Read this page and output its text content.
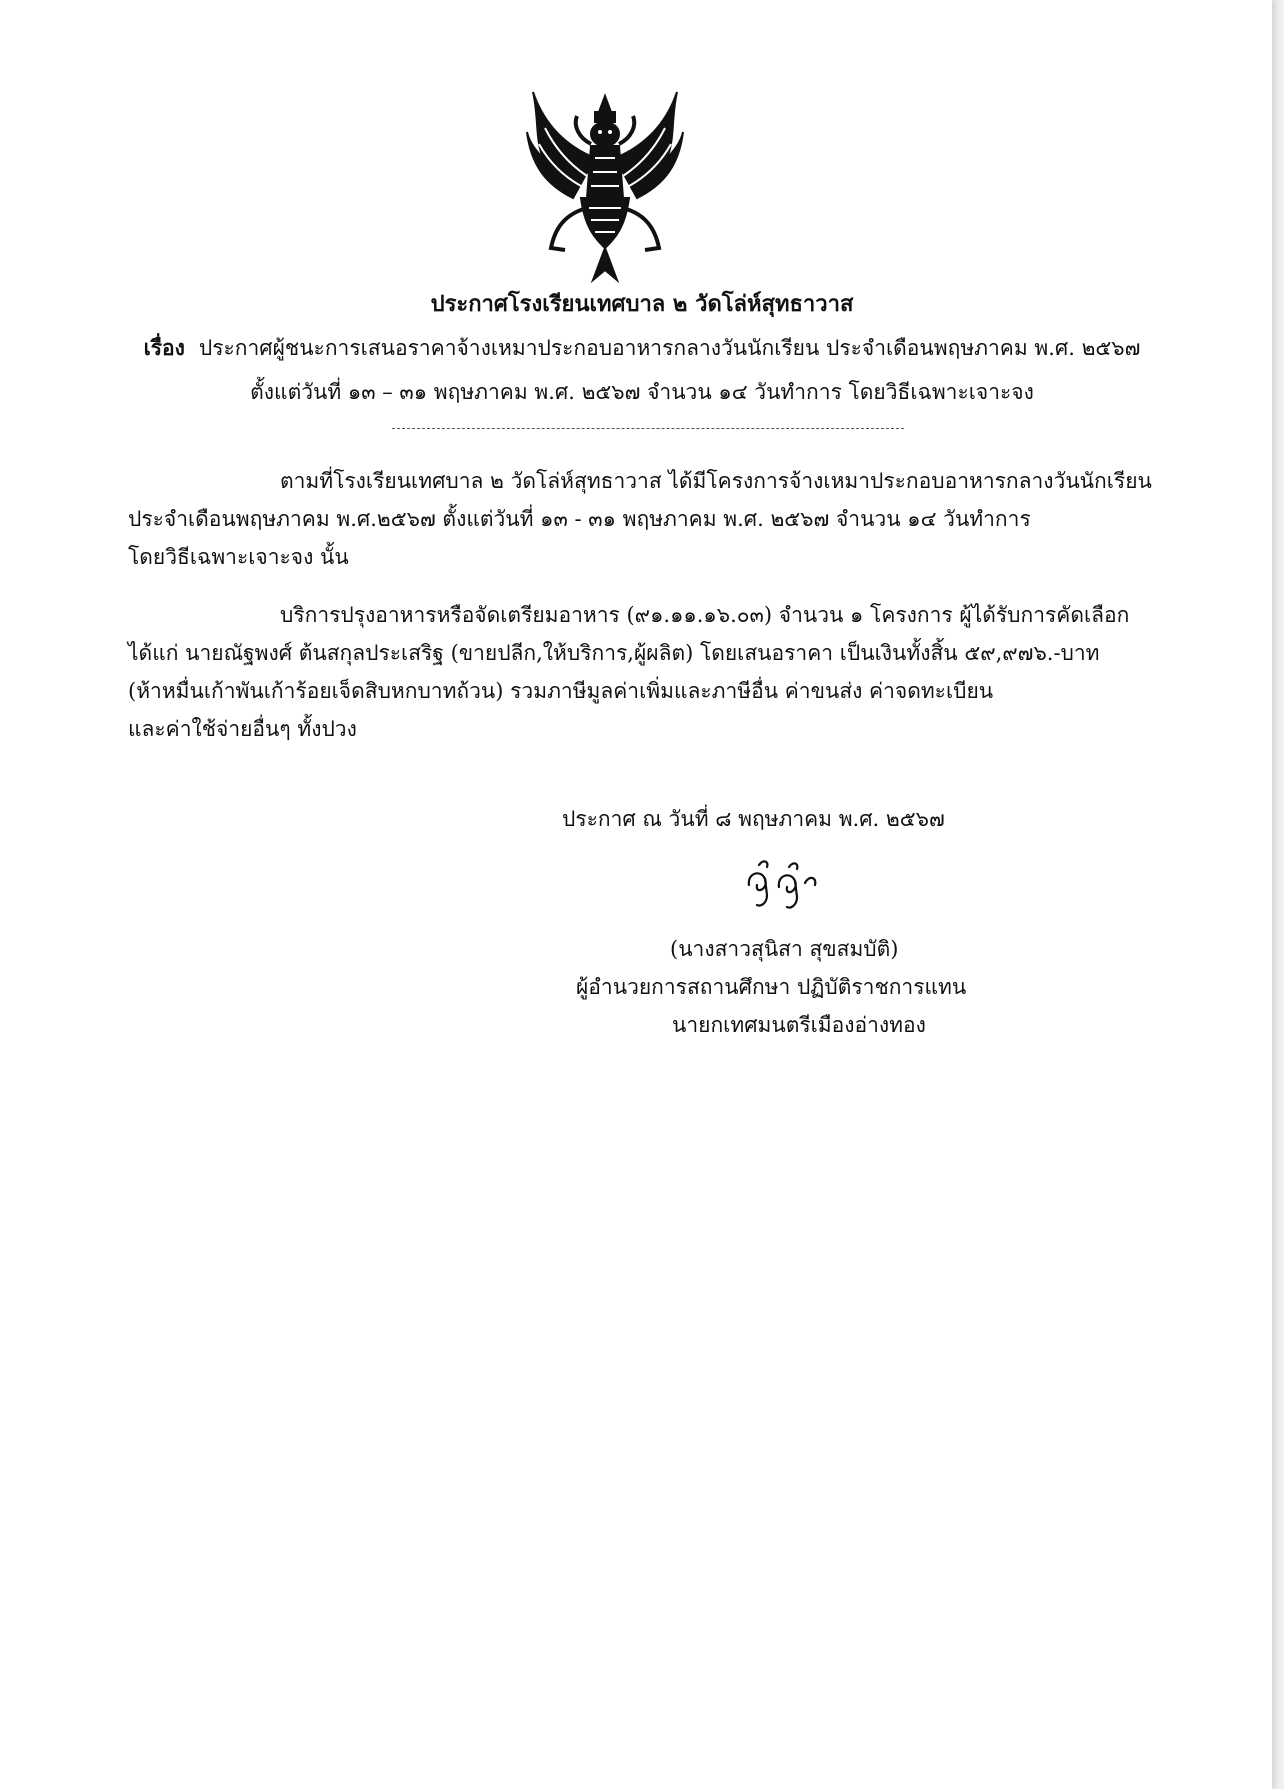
ประกาศโรงเรียนเทศบาล ๒ วัดโล่ห์สุทธาวาส
เรื่อง ประกาศผู้ชนะการเสนอราคาจ้างเหมาประกอบอาหารกลางวันนักเรียน ประจำเดือนพฤษภาคม พ.ศ. ๒๕๖๗
ตั้งแต่วันที่ ๑๓ – ๓๑ พฤษภาคม พ.ศ. ๒๕๖๗ จำนวน ๑๔ วันทำการ โดยวิธีเฉพาะเจาะจง
ตามที่โรงเรียนเทศบาล ๒ วัดโล่ห์สุทธาวาส ได้มีโครงการจ้างเหมาประกอบอาหารกลางวันนักเรียน
ประจำเดือนพฤษภาคม พ.ศ.๒๕๖๗ ตั้งแต่วันที่ ๑๓ - ๓๑ พฤษภาคม พ.ศ. ๒๕๖๗ จำนวน ๑๔ วันทำการ
โดยวิธีเฉพาะเจาะจง นั้น
บริการปรุงอาหารหรือจัดเตรียมอาหาร (๙๑.๑๑.๑๖.๐๓) จำนวน ๑ โครงการ ผู้ได้รับการคัดเลือก
ได้แก่ นายณัฐพงศ์ ต้นสกุลประเสริฐ (ขายปลีก,ให้บริการ,ผู้ผลิต) โดยเสนอราคา เป็นเงินทั้งสิ้น ๕๙,๙๗๖.-บาท
(ห้าหมื่นเก้าพันเก้าร้อยเจ็ดสิบหกบาทถ้วน) รวมภาษีมูลค่าเพิ่มและภาษีอื่น ค่าขนส่ง ค่าจดทะเบียน
และค่าใช้จ่ายอื่นๆ ทั้งปวง
ประกาศ ณ วันที่ ๘ พฤษภาคม พ.ศ. ๒๕๖๗
(นางสาวสุนิสา สุขสมบัติ)
ผู้อำนวยการสถานศึกษา ปฏิบัติราชการแทน
นายกเทศมนตรีเมืองอ่างทอง
